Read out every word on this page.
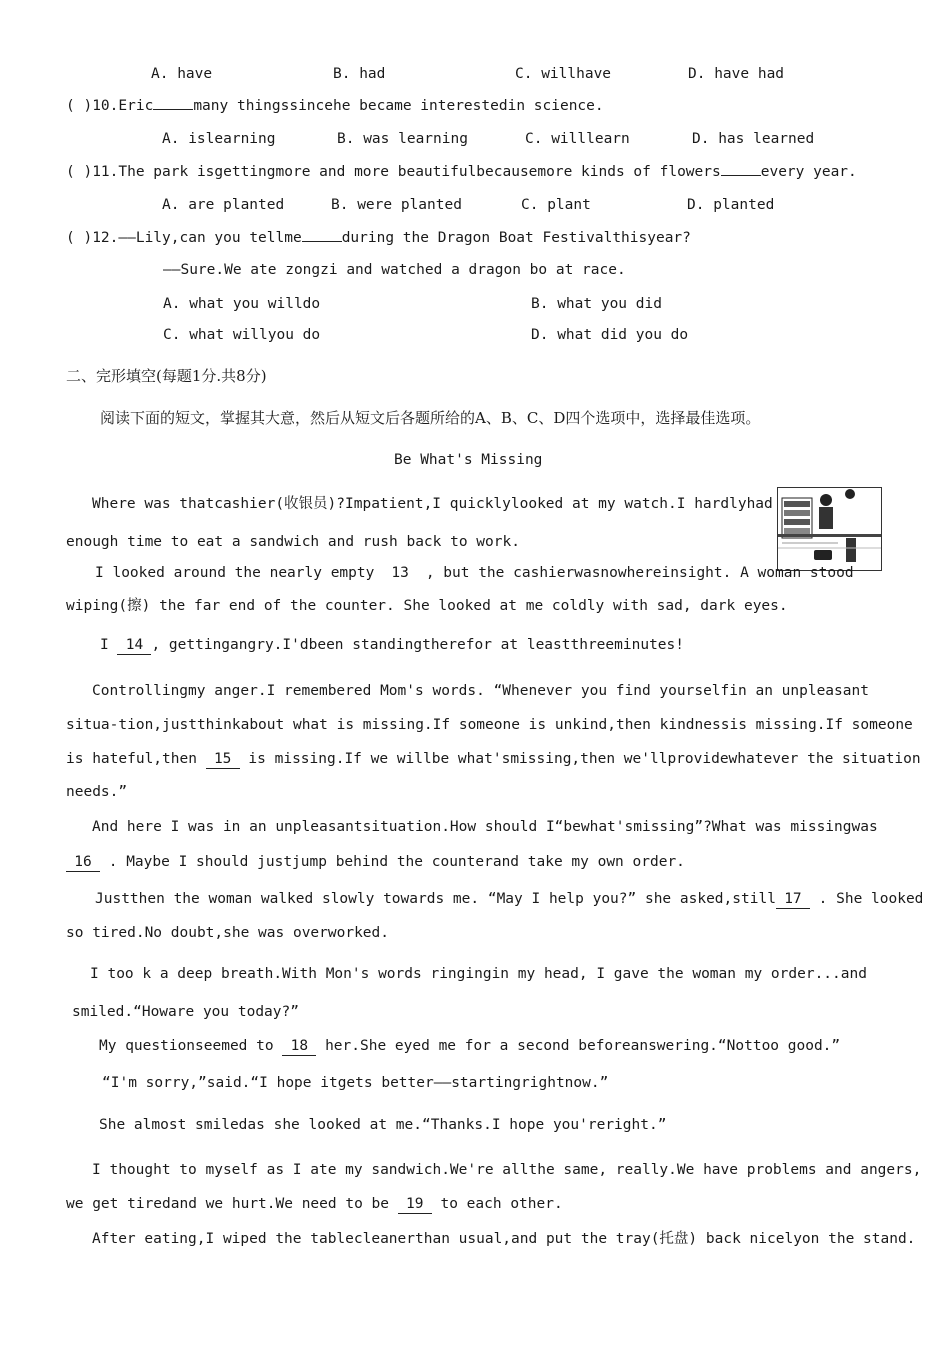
A. have	B. had	C. willhave	D. have had
( )10.Eric	many thingssincehe became interestedin science.
A. islearning	B. was learning	C. willlearn	D. has learned
( )11.The park isgettingmore and more beautifulbecausemore kinds of flowers	every year.
A. are planted	B. were planted	C. plant	D. planted
( )12.——Lily,can you tellme	during the Dragon Boat Festivalthisyear?
——Sure.We ate zongzi and watched a dragon bo at race.
A. what you willdo	B. what you did
C. what willyou do	D. what did you do
二、完形填空(每题1分.共8分)
阅读下面的短文，掌握其大意，然后从短文后各题所给的A、B、C、D四个选项中，选择最佳选项。
Be What's Missing
Where was thatcashier(收银员)?Impatient,I quicklylooked at my watch.I hardlyhad
enough time to eat a sandwich and rush back to work.
I looked around the nearly empty 13 , but the cashierwasnowhereinsight. A woman stood
wiping(擦) the far end of the counter. She looked at me coldly with sad, dark eyes.
I 14 , gettingangry.I'dbeen standingtherefor at leastthreeminutes!
Controllingmy anger.I remembered Mom's words. “Whenever you find yourselfin an unpleasant
situa-tion,justthinkabout what is missing.If someone is unkind,then kindnessis missing.If someone
is hateful,then 15 is missing.If we willbe what'smissing,then we'llprovidewhatever the situation
needs.”
And here I was in an unpleasantsituation.How should I“bewhat'smissing”?What was missingwas
16 . Maybe I should justjump behind the counterand take my own order.
Justthen the woman walked slowly towards me. “May I help you?” she asked,still 17 . She looked
so tired.No doubt,she was overworked.
I too k a deep breath.With Mon's words ringingin my head, I gave the woman my order...and
smiled.“Howare you today?”
My questionseemed to 18 her.She eyed me for a second beforeanswering.“Nottoo good.”
“I'm sorry,”said.“I hope itgets better——startingrightnow.”
She almost smiledas she looked at me.“Thanks.I hope you'reright.”
I thought to myself as I ate my sandwich.We're allthe same, really.We have problems and angers,
we get tiredand we hurt.We need to be 19 to each other.
After eating,I wiped the tablecleanerthan usual,and put the tray(托盘) back nicelyon the stand.
